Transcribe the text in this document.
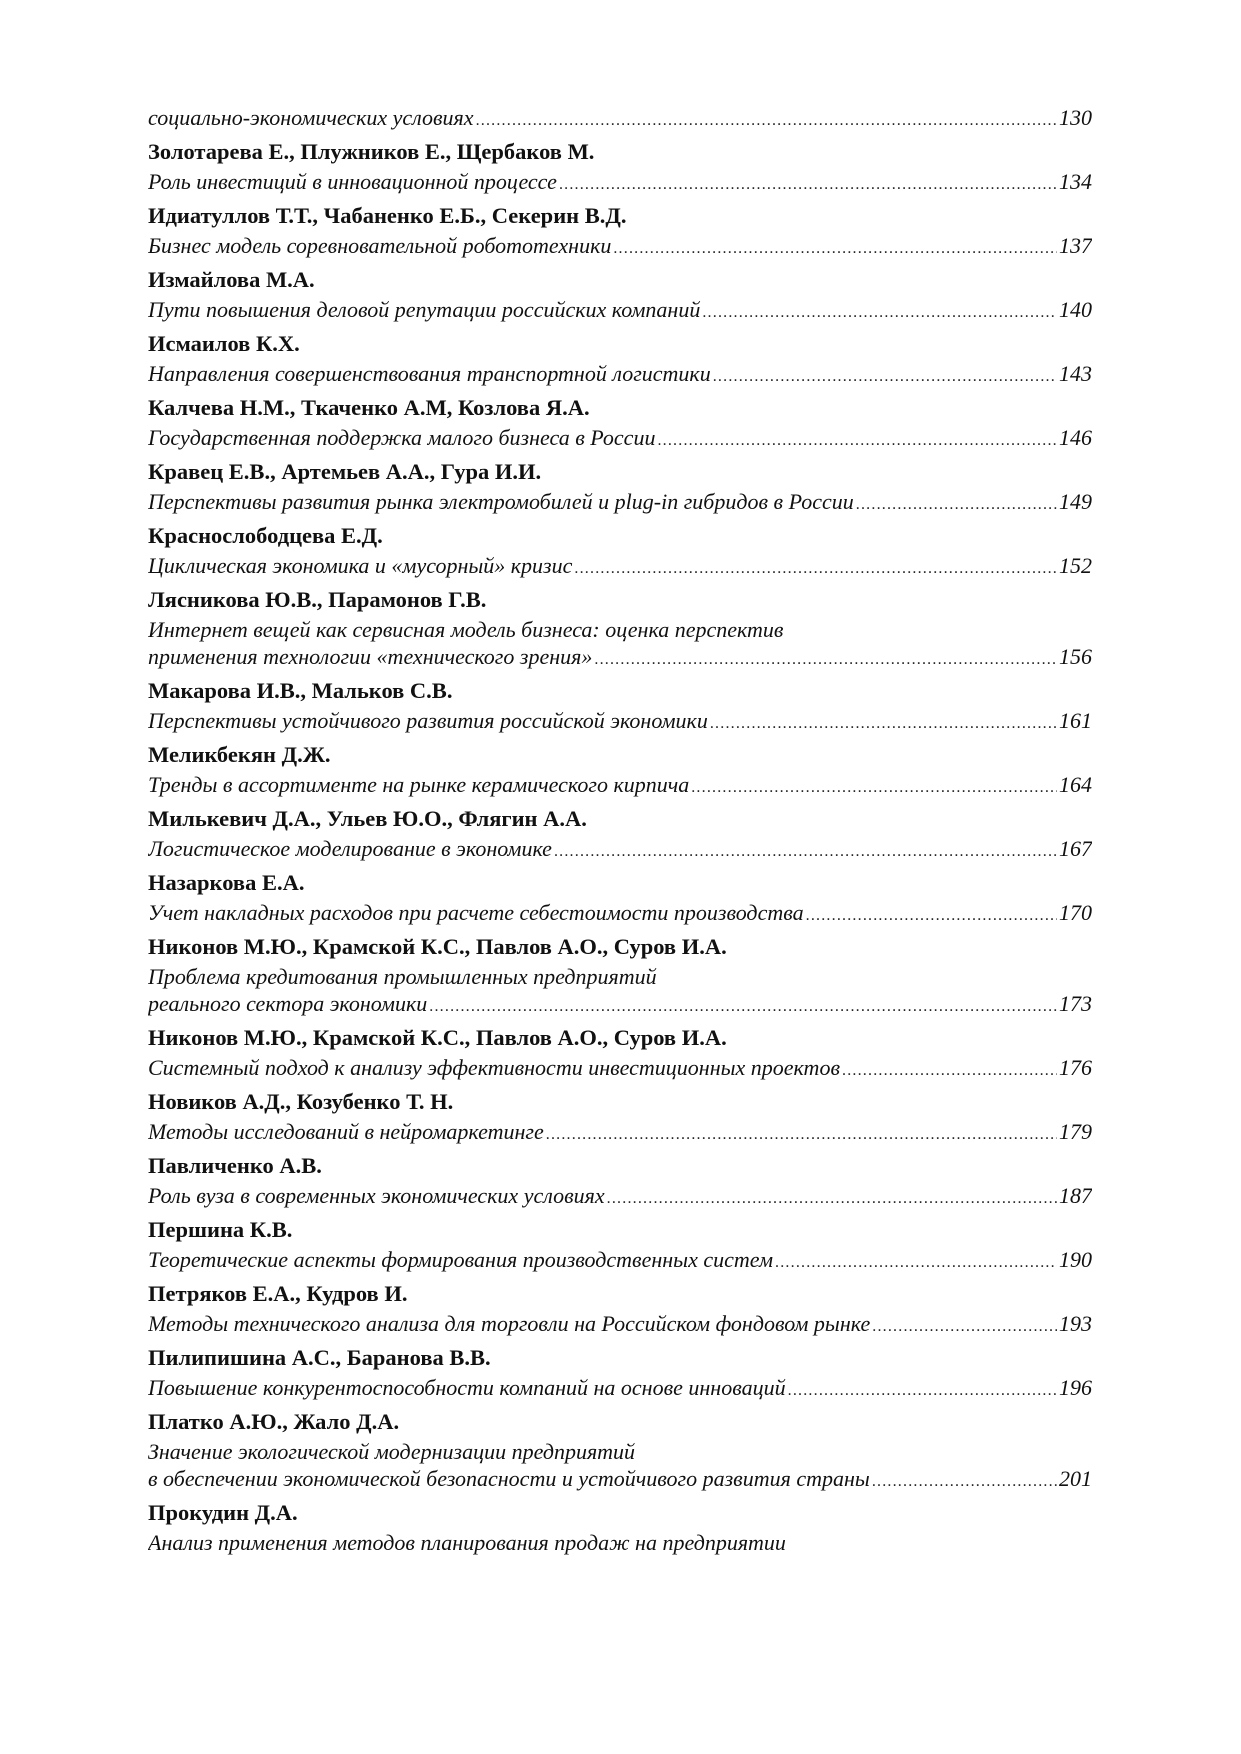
социально-экономических условиях .....	130
Золотарева Е., Плужников Е., Щербаков М.
Роль инвестиций в инновационной процессе .....	134
Идиатуллов Т.Т., Чабаненко Е.Б., Секерин В.Д.
Бизнес модель соревновательной робототехники .....	137
Измайлова М.А.
Пути повышения деловой репутации российских компаний .....	140
Исмаилов К.Х.
Направления совершенствования транспортной логистики .....	143
Калчева Н.М., Ткаченко А.М, Козлова Я.А.
Государственная поддержка малого бизнеса в России .....	146
Кравец Е.В., Артемьев А.А., Гура И.И.
Перспективы развития рынка электромобилей и plug-in гибридов в России .....	149
Краснослободцева Е.Д.
Циклическая экономика и «мусорный» кризис .....	152
Лясникова Ю.В., Парамонов Г.В.
Интернет вещей как сервисная модель бизнеса: оценка перспектив
применения технологии «технического зрения» .....	156
Макарова И.В., Мальков С.В.
Перспективы устойчивого развития российской экономики .....	161
Меликбекян Д.Ж.
Тренды в ассортименте на рынке керамического кирпича .....	164
Милькевич Д.А., Ульев Ю.О., Флягин А.А.
Логистическое моделирование в экономике .....	167
Назаркова Е.А.
Учет накладных расходов при расчете себестоимости производства .....	170
Никонов М.Ю., Крамской К.С., Павлов А.О., Суров И.А.
Проблема кредитования промышленных предприятий
реального сектора экономики .....	173
Никонов М.Ю., Крамской К.С., Павлов А.О., Суров И.А.
Системный подход к анализу эффективности инвестиционных проектов .....	176
Новиков А.Д., Козубенко Т. Н.
Методы исследований в нейромаркетинге .....	179
Павличенко А.В.
Роль вуза в современных экономических условиях .....	187
Першина К.В.
Теоретические аспекты формирования производственных систем .....	190
Петряков Е.А., Кудров И.
Методы технического анализа для торговли на Российском фондовом рынке .....	193
Пилипишина А.С., Баранова В.В.
Повышение конкурентоспособности компаний на основе инноваций .....	196
Платко А.Ю., Жало Д.А.
Значение экологической модернизации предприятий
в обеспечении экономической безопасности и устойчивого развития страны .....	201
Прокудин Д.А.
Анализ применения методов планирования продаж на предприятии
